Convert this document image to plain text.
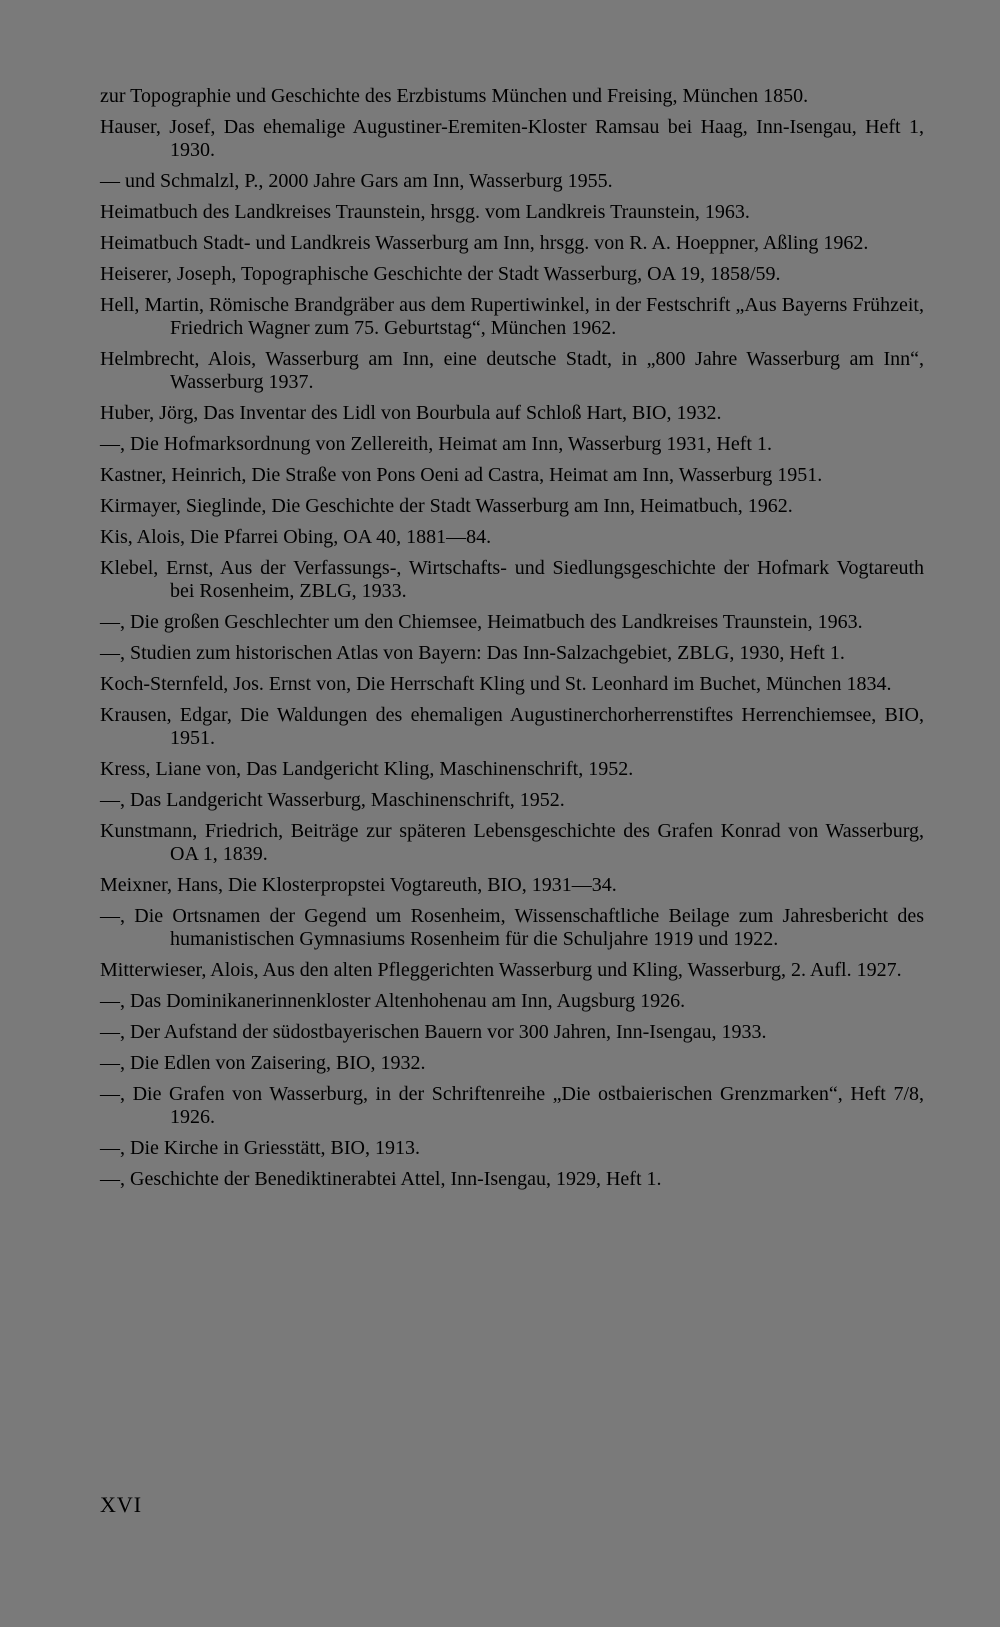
zur Topographie und Geschichte des Erzbistums München und Freising, München 1850.

Hauser, Josef, Das ehemalige Augustiner-Eremiten-Kloster Ramsau bei Haag, Inn-Isengau, Heft 1, 1930.

— und Schmalzl, P., 2000 Jahre Gars am Inn, Wasserburg 1955.

Heimatbuch des Landkreises Traunstein, hrsgg. vom Landkreis Traunstein, 1963.

Heimatbuch Stadt- und Landkreis Wasserburg am Inn, hrsgg. von R. A. Hoeppner, Aßling 1962.

Heiserer, Joseph, Topographische Geschichte der Stadt Wasserburg, OA 19, 1858/59.

Hell, Martin, Römische Brandgräber aus dem Rupertiwinkel, in der Festschrift „Aus Bayerns Frühzeit, Friedrich Wagner zum 75. Geburtstag“, München 1962.

Helmbrecht, Alois, Wasserburg am Inn, eine deutsche Stadt, in „800 Jahre Wasserburg am Inn“, Wasserburg 1937.

Huber, Jörg, Das Inventar des Lidl von Bourbula auf Schloß Hart, BIO, 1932.

—, Die Hofmarksordnung von Zellereith, Heimat am Inn, Wasserburg 1931, Heft 1.

Kastner, Heinrich, Die Straße von Pons Oeni ad Castra, Heimat am Inn, Wasserburg 1951.

Kirmayer, Sieglinde, Die Geschichte der Stadt Wasserburg am Inn, Heimatbuch, 1962.

Kis, Alois, Die Pfarrei Obing, OA 40, 1881—84.

Klebel, Ernst, Aus der Verfassungs-, Wirtschafts- und Siedlungsgeschichte der Hofmark Vogtareuth bei Rosenheim, ZBLG, 1933.

—, Die großen Geschlechter um den Chiemsee, Heimatbuch des Landkreises Traunstein, 1963.

—, Studien zum historischen Atlas von Bayern: Das Inn-Salzachgebiet, ZBLG, 1930, Heft 1.

Koch-Sternfeld, Jos. Ernst von, Die Herrschaft Kling und St. Leonhard im Buchet, München 1834.

Krausen, Edgar, Die Waldungen des ehemaligen Augustinerchorherrenstiftes Herrenchiemsee, BIO, 1951.

Kress, Liane von, Das Landgericht Kling, Maschinenschrift, 1952.

—, Das Landgericht Wasserburg, Maschinenschrift, 1952.

Kunstmann, Friedrich, Beiträge zur späteren Lebensgeschichte des Grafen Konrad von Wasserburg, OA 1, 1839.

Meixner, Hans, Die Klosterpropstei Vogtareuth, BIO, 1931—34.

—, Die Ortsnamen der Gegend um Rosenheim, Wissenschaftliche Beilage zum Jahresbericht des humanistischen Gymnasiums Rosenheim für die Schuljahre 1919 und 1922.

Mitterwieser, Alois, Aus den alten Pfleggerichten Wasserburg und Kling, Wasserburg, 2. Aufl. 1927.

—, Das Dominikanerinnenkloster Altenhohenau am Inn, Augsburg 1926.

—, Der Aufstand der südostbayerischen Bauern vor 300 Jahren, Inn-Isengau, 1933.

—, Die Edlen von Zaisering, BIO, 1932.

—, Die Grafen von Wasserburg, in der Schriftenreihe „Die ostbaierischen Grenzmarken“, Heft 7/8, 1926.

—, Die Kirche in Griesstätt, BIO, 1913.

—, Geschichte der Benediktinerabtei Attel, Inn-Isengau, 1929, Heft 1.

XVI
